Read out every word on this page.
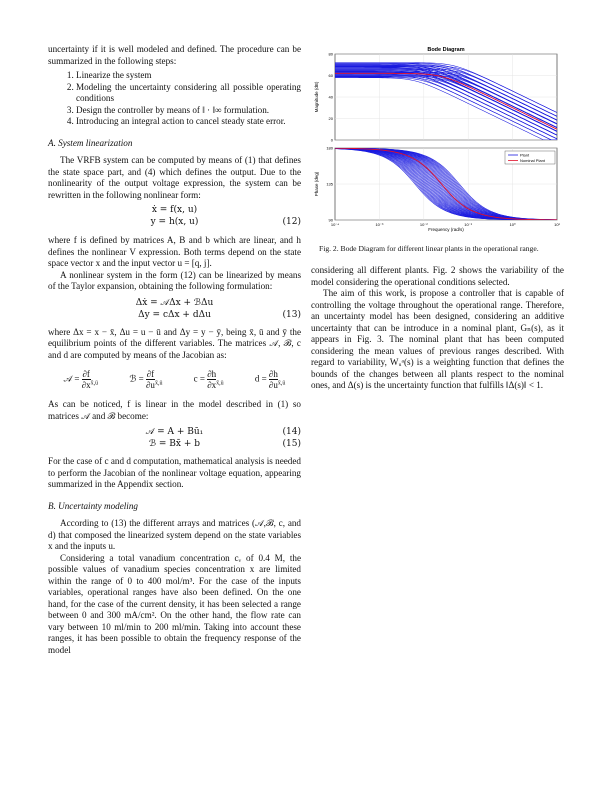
uncertainty if it is well modeled and defined. The procedure can be summarized in the following steps:

1. Linearize the system
2. Modeling the uncertainty considering all possible operating conditions
3. Design the controller by means of ‖ · ‖∞ formulation.
4. Introducing an integral action to cancel steady state error.
A. System linearization

The VRFB system can be computed by means of (1) that defines the state space part, and (4) which defines the output. Due to the nonlinearity of the output voltage expression, the system can be rewritten in the following nonlinear form:

ẋ = f(x, u)
y = h(x, u)	(12)

where f is defined by matrices A, B and b which are linear, and h defines the nonlinear V expression. Both terms depend on the state space vector x and the input vector u = [q, j].

A nonlinear system in the form (12) can be linearized by means of the Taylor expansion, obtaining the following formulation:

Δẋ = 𝒜Δx + ℬΔu
Δy = cΔx + dΔu	(13)

where Δx = x − x̄, Δu = u − ū and Δy = y − ȳ, being x̄, ū and ȳ the equilibrium points of the different variables. The matrices 𝒜, ℬ, c and d are computed by means of the Jacobian as:

𝒜 = $\frac{\partial f}{\partial x} _{x̄,ū}$	ℬ = $\frac{\partial f}{\partial u} _{x̄,ū}$	$c = \frac{\partial h}{\partial x} _{x̄,ū}$	$d = \frac{\partial h}{\partial u} _{x̄,ū}$

As can be noticed, f is linear in the model described in (1) so matrices 𝒜 and ℬ become:

𝒜 = A + Bū₁	(14)
ℬ = Bx̄ + b	(15)

For the case of c and d computation, mathematical analysis is needed to perform the Jacobian of the nonlinear voltage equation, appearing summarized in the Appendix section.

B. Uncertainty modeling

According to (13) the different arrays and matrices (𝒜,ℬ, c, and d) that composed the linearized system depend on the state variables x and the inputs u.

Considering a total vanadium concentration cᵥ of 0.4 M, the possible values of vanadium species concentration x are limited within the range of 0 to 400 mol/m³. For the case of the inputs variables, operational ranges have also been defined. On the one hand, for the case of the current density, it has been selected a range between 0 and 300 mA/cm². On the other hand, the flow rate can vary between 10 ml/min to 200 ml/min. Taking into account these ranges, it has been possible to obtain the frequency response of the model

Bode Diagram
0
20
40
60
80
90
135
180
10⁻⁴	10⁻³	10⁻²	10⁻¹	10⁰	10¹
Frequency (rad/s)
Magnitude (dB)
Phase (deg)
Plant
Nominal Plant
Fig. 2. Bode Diagram for different linear plants in the operational range.

considering all different plants. Fig. 2 shows the variability of the model considering the operational conditions selected.

The aim of this work, is propose a controller that is capable of controlling the voltage throughout the operational range. Therefore, an uncertainty model has been designed, considering an additive uncertainty that can be introduce in a nominal plant, Gₙ(s), as it appears in Fig. 3. The nominal plant that has been computed considering the mean values of previous ranges described. With regard to variability, Wᵤᵃ(s) is a weighting function that defines the bounds of the changes between all plants respect to the nominal ones, and Δ(s) is the uncertainty function that fulfills ‖Δ(s)‖ < 1.
